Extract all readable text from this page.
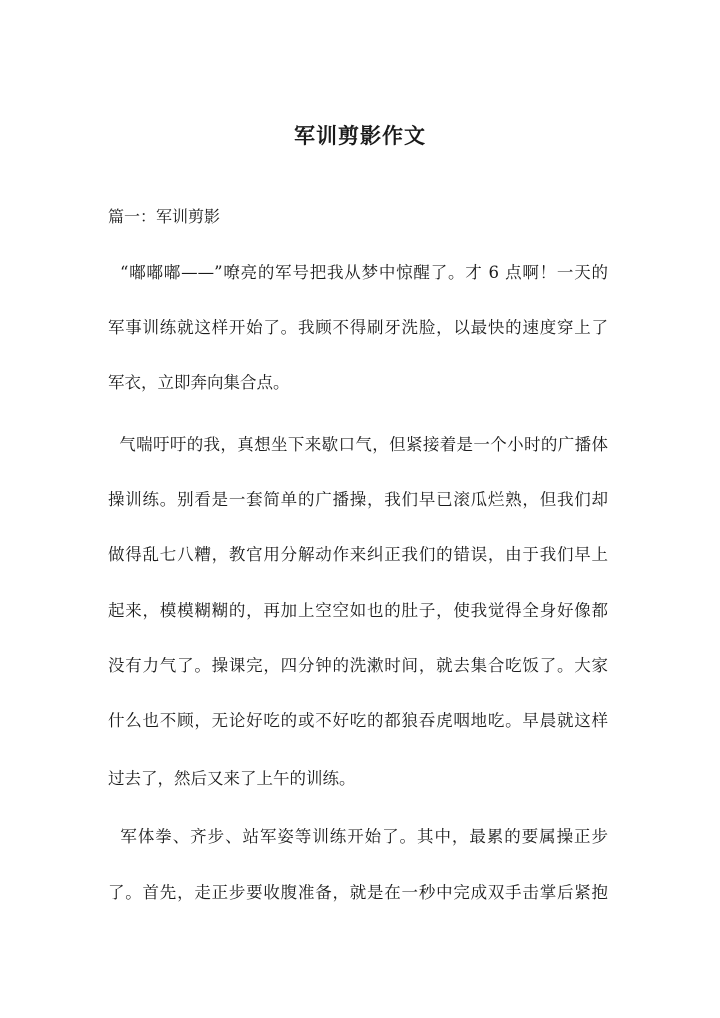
军训剪影作文

篇一：军训剪影

“嘟嘟嘟——”嘹亮的军号把我从梦中惊醒了。才 6 点啊！一天的

军事训练就这样开始了。我顾不得刷牙洗脸，以最快的速度穿上了

军衣，立即奔向集合点。

气喘吁吁的我，真想坐下来歇口气，但紧接着是一个小时的广播体

操训练。别看是一套简单的广播操，我们早已滚瓜烂熟，但我们却

做得乱七八糟，教官用分解动作来纠正我们的错误，由于我们早上

起来，模模糊糊的，再加上空空如也的肚子，使我觉得全身好像都

没有力气了。操课完，四分钟的洗漱时间，就去集合吃饭了。大家

什么也不顾，无论好吃的或不好吃的都狼吞虎咽地吃。早晨就这样

过去了，然后又来了上午的训练。

军体拳、齐步、站军姿等训练开始了。其中，最累的要属操正步

了。首先，走正步要收腹准备，就是在一秒中完成双手击掌后紧抱
